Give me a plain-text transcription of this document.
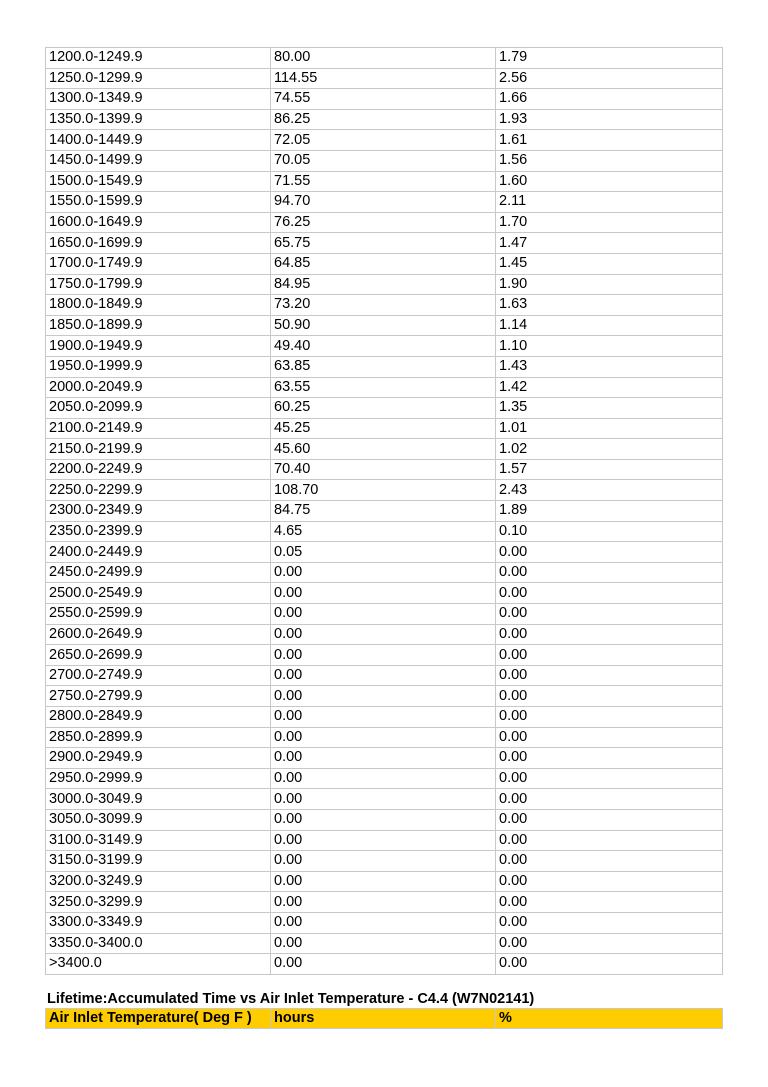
1200.0-1249.9	80.00	1.79
1250.0-1299.9	114.55	2.56
1300.0-1349.9	74.55	1.66
1350.0-1399.9	86.25	1.93
1400.0-1449.9	72.05	1.61
1450.0-1499.9	70.05	1.56
1500.0-1549.9	71.55	1.60
1550.0-1599.9	94.70	2.11
1600.0-1649.9	76.25	1.70
1650.0-1699.9	65.75	1.47
1700.0-1749.9	64.85	1.45
1750.0-1799.9	84.95	1.90
1800.0-1849.9	73.20	1.63
1850.0-1899.9	50.90	1.14
1900.0-1949.9	49.40	1.10
1950.0-1999.9	63.85	1.43
2000.0-2049.9	63.55	1.42
2050.0-2099.9	60.25	1.35
2100.0-2149.9	45.25	1.01
2150.0-2199.9	45.60	1.02
2200.0-2249.9	70.40	1.57
2250.0-2299.9	108.70	2.43
2300.0-2349.9	84.75	1.89
2350.0-2399.9	4.65	0.10
2400.0-2449.9	0.05	0.00
2450.0-2499.9	0.00	0.00
2500.0-2549.9	0.00	0.00
2550.0-2599.9	0.00	0.00
2600.0-2649.9	0.00	0.00
2650.0-2699.9	0.00	0.00
2700.0-2749.9	0.00	0.00
2750.0-2799.9	0.00	0.00
2800.0-2849.9	0.00	0.00
2850.0-2899.9	0.00	0.00
2900.0-2949.9	0.00	0.00
2950.0-2999.9	0.00	0.00
3000.0-3049.9	0.00	0.00
3050.0-3099.9	0.00	0.00
3100.0-3149.9	0.00	0.00
3150.0-3199.9	0.00	0.00
3200.0-3249.9	0.00	0.00
3250.0-3299.9	0.00	0.00
3300.0-3349.9	0.00	0.00
3350.0-3400.0	0.00	0.00
>3400.0	0.00	0.00
Lifetime:Accumulated Time vs Air Inlet Temperature - C4.4 (W7N02141)
Air Inlet Temperature( Deg F )	hours	%
